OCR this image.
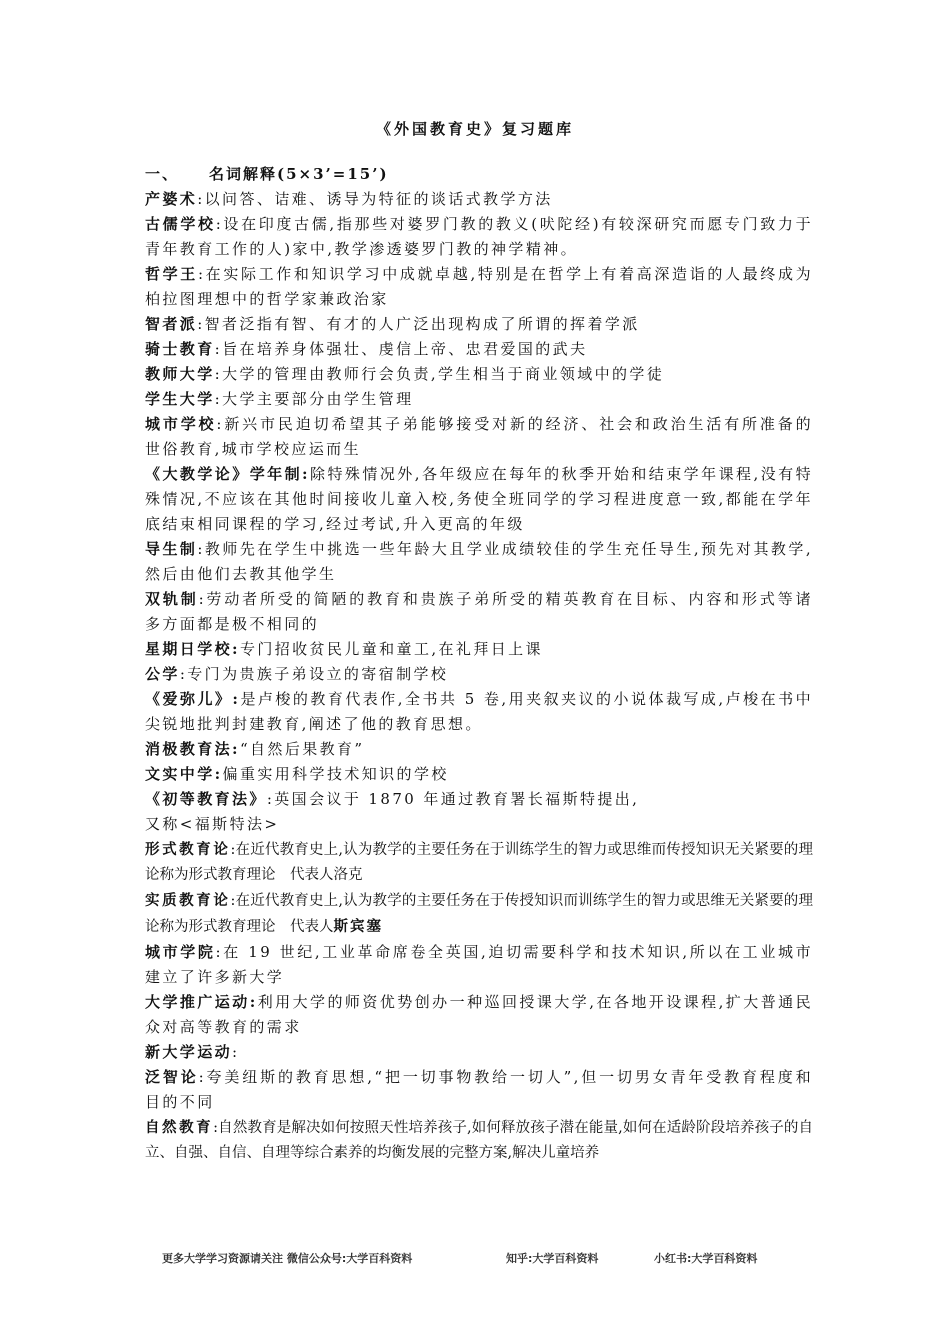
《外国教育史》复习题库
一、 名词解释(5×3’=15’)

产婆术:以问答、诘难、诱导为特征的谈话式教学方法

古儒学校:设在印度古儒,指那些对婆罗门教的教义(吠陀经)有较深研究而愿专门致力于青年教育工作的人)家中,教学渗透婆罗门教的神学精神。

哲学王:在实际工作和知识学习中成就卓越,特别是在哲学上有着高深造诣的人最终成为柏拉图理想中的哲学家兼政治家

智者派:智者泛指有智、有才的人广泛出现构成了所谓的挥着学派

骑士教育:旨在培养身体强壮、虔信上帝、忠君爱国的武夫

教师大学:大学的管理由教师行会负责,学生相当于商业领域中的学徒

学生大学:大学主要部分由学生管理

城市学校:新兴市民迫切希望其子弟能够接受对新的经济、社会和政治生活有所准备的世俗教育,城市学校应运而生

《大教学论》学年制:除特殊情况外,各年级应在每年的秋季开始和结束学年课程,没有特殊情况,不应该在其他时间接收儿童入校,务使全班同学的学习程进度意一致,都能在学年底结束相同课程的学习,经过考试,升入更高的年级

导生制:教师先在学生中挑选一些年龄大且学业成绩较佳的学生充任导生,预先对其教学,然后由他们去教其他学生

双轨制:劳动者所受的简陋的教育和贵族子弟所受的精英教育在目标、内容和形式等诸多方面都是极不相同的

星期日学校:专门招收贫民儿童和童工,在礼拜日上课

公学:专门为贵族子弟设立的寄宿制学校

《爱弥儿》:是卢梭的教育代表作,全书共 5 卷,用夹叙夹议的小说体裁写成,卢梭在书中尖锐地批判封建教育,阐述了他的教育思想。

消极教育法:“自然后果教育”

文实中学:偏重实用科学技术知识的学校

《初等教育法》:英国会议于 1870 年通过教育署长福斯特提出,
又称<福斯特法>

形式教育论:在近代教育史上,认为教学的主要任务在于训练学生的智力或思维而传授知识无关紧要的理论称为形式教育理论　代表人洛克

实质教育论:在近代教育史上,认为教学的主要任务在于传授知识而训练学生的智力或思维无关紧要的理论称为形式教育理论　代表人斯宾塞

城市学院:在 19 世纪,工业革命席卷全英国,迫切需要科学和技术知识,所以在工业城市建立了许多新大学

大学推广运动:利用大学的师资优势创办一种巡回授课大学,在各地开设课程,扩大普通民众对高等教育的需求

新大学运动:

泛智论:夸美纽斯的教育思想,“把一切事物教给一切人”,但一切男女青年受教育程度和目的不同

自然教育:自然教育是解决如何按照天性培养孩子,如何释放孩子潜在能量,如何在适龄阶段培养孩子的自立、自强、自信、自理等综合素养的均衡发展的完整方案,解决儿童培养

更多大学学习资源请关注 微信公众号:大学百科资料	知乎:大学百科资料	小红书:大学百科资料
